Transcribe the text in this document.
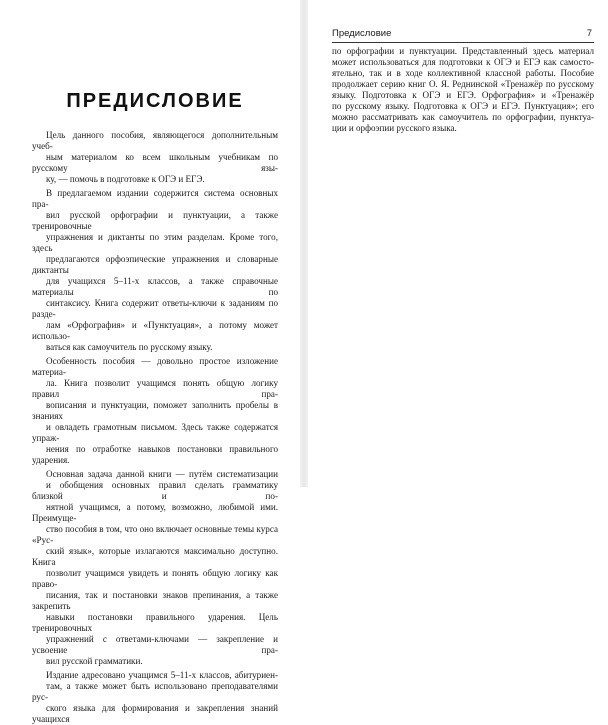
ПРЕДИСЛОВИЕ

Цель данного пособия, являющегося дополнительным учеб-
ным материалом ко всем школьным учебникам по русскому язы-
ку, — помочь в подготовке к ОГЭ и ЕГЭ.

В предлагаемом издании содержится система основных пра-
вил русской орфографии и пунктуации, а также тренировочные
упражнения и диктанты по этим разделам. Кроме того, здесь
предлагаются орфоэпические упражнения и словарные диктанты
для учащихся 5–11-х классов, а также справочные материалы по
синтаксису. Книга содержит ответы-ключи к заданиям по разде-
лам «Орфография» и «Пунктуация», а потому может использо-
ваться как самоучитель по русскому языку.

Особенность пособия — довольно простое изложение материа-
ла. Книга позволит учащимся понять общую логику правил пра-
вописания и пунктуации, поможет заполнить пробелы в знаниях
и овладеть грамотным письмом. Здесь также содержатся упраж-
нения по отработке навыков постановки правильного ударения.

Основная задача данной книги — путём систематизации
и обобщения основных правил сделать грамматику близкой и по-
нятной учащимся, а потому, возможно, любимой ими. Преимуще-
ство пособия в том, что оно включает основные темы курса «Рус-
ский язык», которые излагаются максимально доступно. Книга
позволит учащимся увидеть и понять общую логику как право-
писания, так и постановки знаков препинания, а также закрепить
навыки постановки правильного ударения. Цель тренировочных
упражнений с ответами-ключами — закрепление и усвоение пра-
вил русской грамматики.

Издание адресовано учащимся 5–11-х классов, абитуриен-
там, а также может быть использовано преподавателями рус-
ского языка для формирования и закрепления знаний учащихся

Предисловие	7

по орфографии и пунктуации. Представленный здесь материал
может использоваться для подготовки к ОГЭ и ЕГЭ как самосто-
ятельно, так и в ходе коллективной классной работы. Пособие
продолжает серию книг О. Я. Реднинской «Тренажёр по русскому
языку. Подготовка к ОГЭ и ЕГЭ. Орфография» и «Тренажёр
по русскому языку. Подготовка к ОГЭ и ЕГЭ. Пунктуация»; его
можно рассматривать как самоучитель по орфографии, пунктуа-
ции и орфоэпии русского языка.
